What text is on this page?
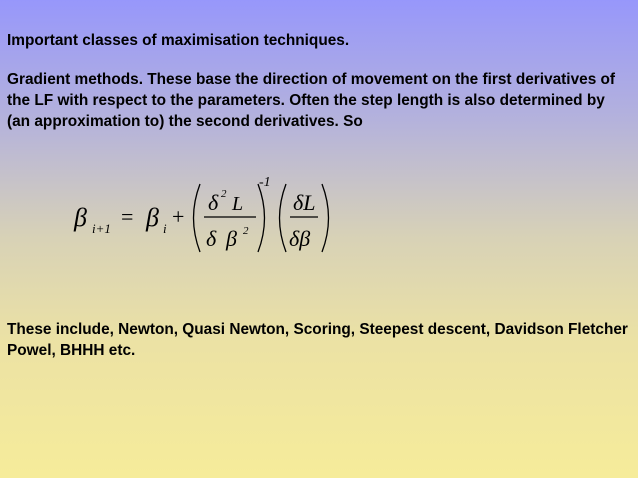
Important classes of maximisation techniques.

Gradient methods. These base the direction of movement on the first derivatives of the LF with respect to the parameters. Often the step length is also determined by (an approximation to) the second derivatives. So

β i+1 = β i +
δ 2 L
δ β 2
-1
δL
δβ

These include, Newton, Quasi Newton, Scoring, Steepest descent, Davidson Fletcher Powel, BHHH etc.
